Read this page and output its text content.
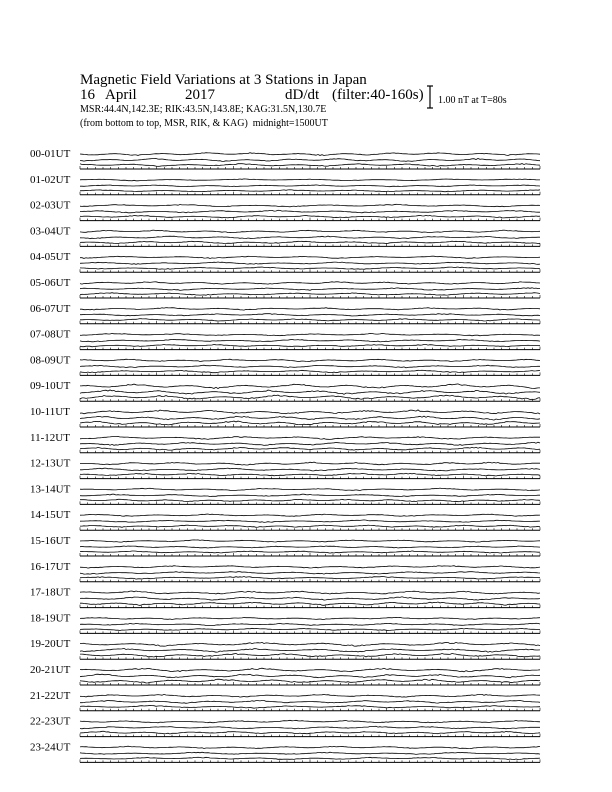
Magnetic Field Variations at 3 Stations in Japan

16

April

	2017

	dD/dt

(filter:40-160s)

MSR:44.4N,142.3E; RIK:43.5N,143.8E; KAG:31.5N,130.7E
(from bottom to top, MSR, RIK, & KAG) midnight=1500UT
1.00 nT at T=80s
00-01UT
01-02UT
02-03UT
03-04UT
04-05UT
05-06UT
06-07UT
07-08UT
08-09UT
09-10UT
10-11UT
11-12UT
12-13UT
13-14UT
14-15UT
15-16UT
16-17UT
17-18UT
18-19UT
19-20UT
20-21UT
21-22UT
22-23UT
23-24UT
